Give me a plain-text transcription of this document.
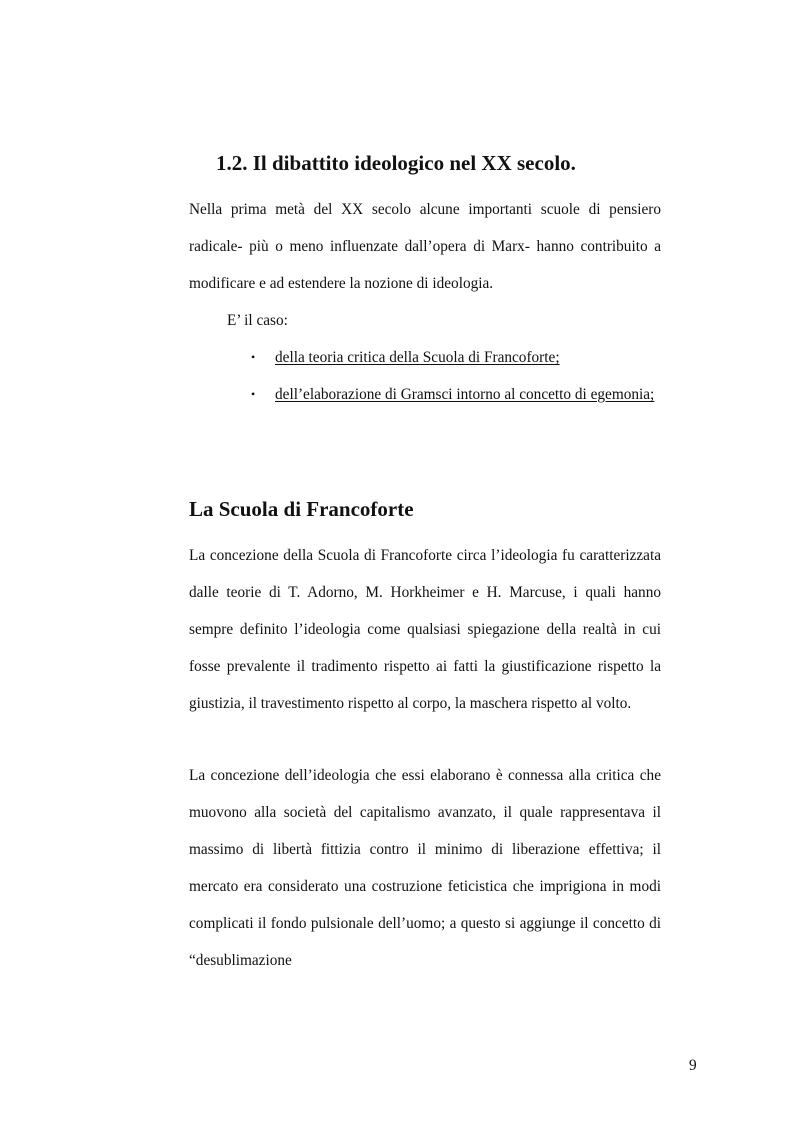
1.2. Il dibattito ideologico nel XX secolo.

Nella prima metà del XX secolo alcune importanti scuole di pensiero radicale- più o meno influenzate dall’opera di Marx- hanno contribuito a modificare e ad estendere la nozione di ideologia.

E’ il caso:

• della teoria critica della Scuola di Francoforte;
• dell’elaborazione di Gramsci intorno al concetto di egemonia;
La Scuola di Francoforte

La concezione della Scuola di Francoforte circa l’ideologia fu caratterizzata dalle teorie di T. Adorno, M. Horkheimer e H. Marcuse, i quali hanno sempre definito l’ideologia come qualsiasi spiegazione della realtà in cui fosse prevalente il tradimento rispetto ai fatti la giustificazione rispetto la giustizia, il travestimento rispetto al corpo, la maschera rispetto al volto.

La concezione dell’ideologia che essi elaborano è connessa alla critica che muovono alla società del capitalismo avanzato, il quale rappresentava il massimo di libertà fittizia contro il minimo di liberazione effettiva; il mercato era considerato una costruzione feticistica che imprigiona in modi complicati il fondo pulsionale dell’uomo; a questo si aggiunge il concetto di “desublimazione

9
